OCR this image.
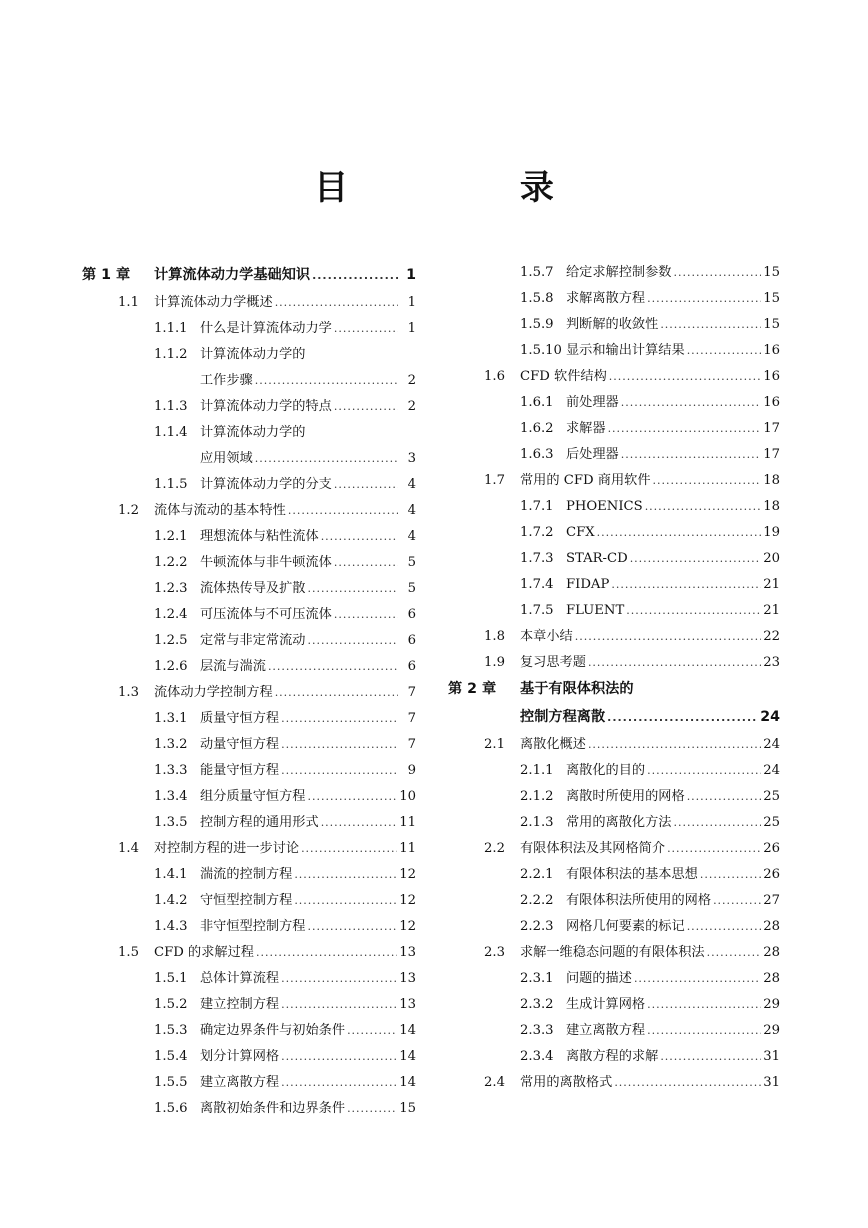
目 录
第 1 章	计算流体动力学基础知识 .....	1
1.1	计算流体动力学概述 .....	1
1.1.1 什么是计算流体动力学 .....	1
1.1.2 计算流体动力学的
工作步骤 .....	2
1.1.3 计算流体动力学的特点 .....	2
1.1.4 计算流体动力学的
应用领域 .....	3
1.1.5 计算流体动力学的分支 .....	4
1.2	流体与流动的基本特性 .....	4
1.2.1 理想流体与粘性流体 .....	4
1.2.2 牛顿流体与非牛顿流体 .....	5
1.2.3 流体热传导及扩散 .....	5
1.2.4 可压流体与不可压流体 .....	6
1.2.5 定常与非定常流动 .....	6
1.2.6 层流与湍流 .....	6
1.3	流体动力学控制方程 .....	7
1.3.1 质量守恒方程 .....	7
1.3.2 动量守恒方程 .....	7
1.3.3 能量守恒方程 .....	9
1.3.4 组分质量守恒方程 .....	10
1.3.5 控制方程的通用形式 .....	11
1.4	对控制方程的进一步讨论 .....	11
1.4.1 湍流的控制方程 .....	12
1.4.2 守恒型控制方程 .....	12
1.4.3 非守恒型控制方程 .....	12
1.5	CFD 的求解过程 .....	13
1.5.1 总体计算流程 .....	13
1.5.2 建立控制方程 .....	13
1.5.3 确定边界条件与初始条件 .....	14
1.5.4 划分计算网格 .....	14
1.5.5 建立离散方程 .....	14
1.5.6 离散初始条件和边界条件 .....	15
1.5.7 给定求解控制参数 .....	15
1.5.8 求解离散方程 .....	15
1.5.9 判断解的收敛性 .....	15
1.5.10 显示和输出计算结果 .....	16
1.6	CFD 软件结构 .....	16
1.6.1 前处理器 .....	16
1.6.2 求解器 .....	17
1.6.3 后处理器 .....	17
1.7	常用的 CFD 商用软件 .....	18
1.7.1 PHOENICS .....	18
1.7.2 CFX .....	19
1.7.3 STAR-CD .....	20
1.7.4 FIDAP .....	21
1.7.5 FLUENT .....	21
1.8	本章小结 .....	22
1.9	复习思考题 .....	23
第 2 章	基于有限体积法的
控制方程离散 .....	24
2.1	离散化概述 .....	24
2.1.1 离散化的目的 .....	24
2.1.2 离散时所使用的网格 .....	25
2.1.3 常用的离散化方法 .....	25
2.2	有限体积法及其网格简介 .....	26
2.2.1 有限体积法的基本思想 .....	26
2.2.2 有限体积法所使用的网格 .....	27
2.2.3 网格几何要素的标记 .....	28
2.3	求解一维稳态问题的有限体积法 .....	28
2.3.1 问题的描述 .....	28
2.3.2 生成计算网格 .....	29
2.3.3 建立离散方程 .....	29
2.3.4 离散方程的求解 .....	31
2.4	常用的离散格式 .....	31
